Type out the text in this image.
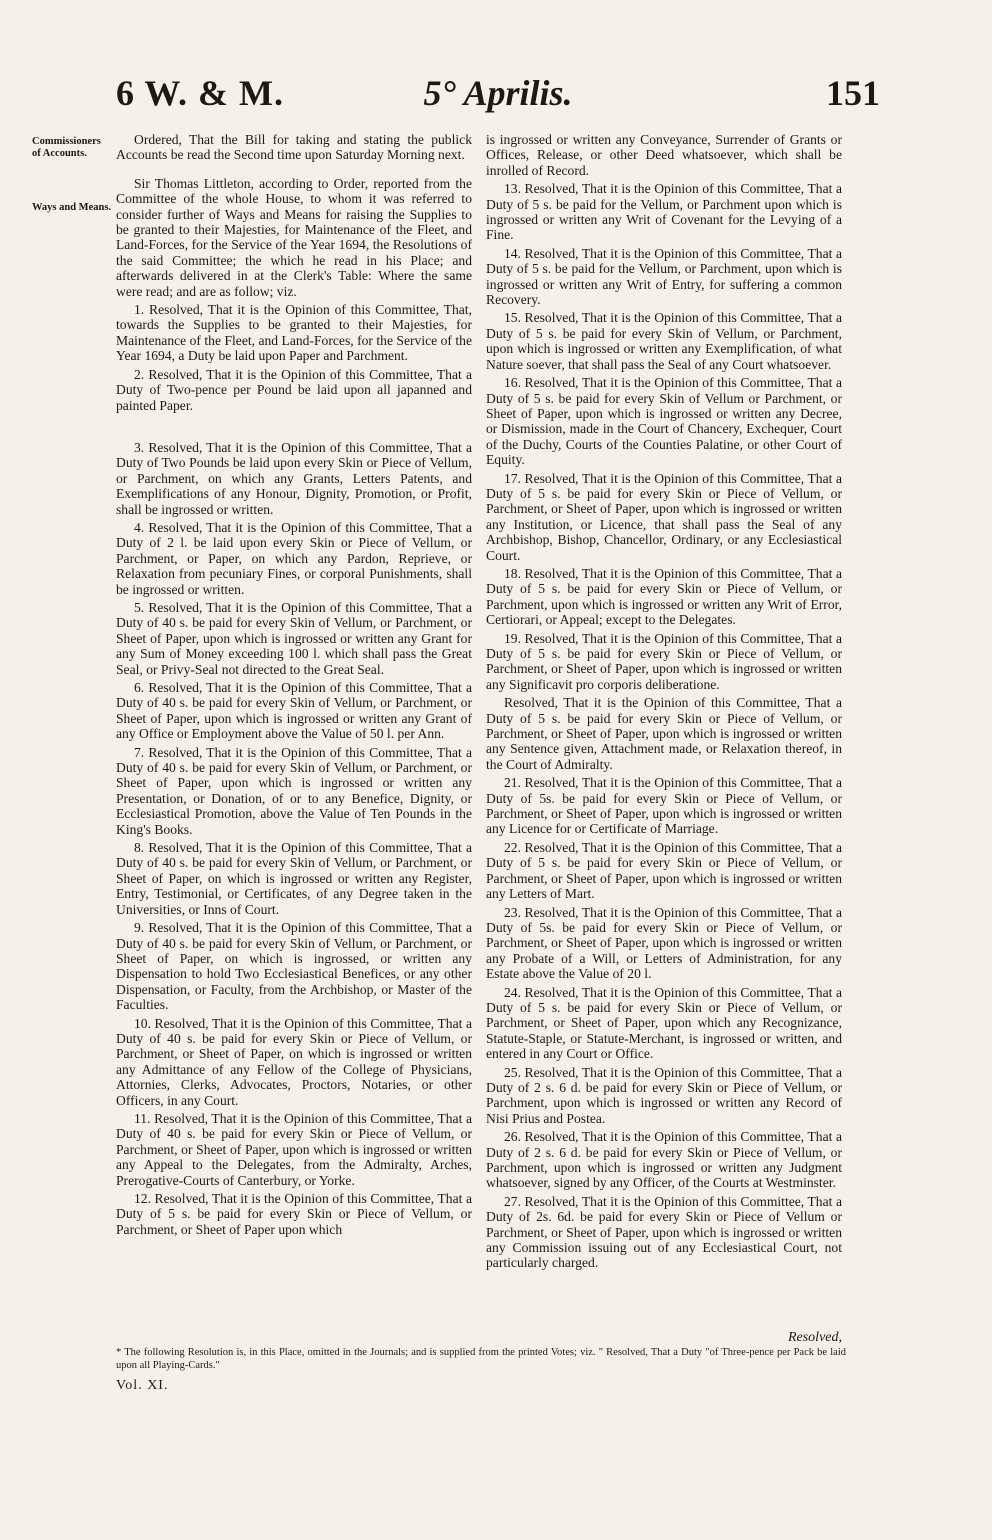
6 W. & M.	5° Aprilis.	151
Commissioners of Accounts.
Ways and Means.

Ordered, That the Bill for taking and stating the publick Accounts be read the Second time upon Saturday Morning next.

Sir Thomas Littleton, according to Order, reported from the Committee of the whole House, to whom it was referred to consider further of Ways and Means for raising the Supplies to be granted to their Majesties, for Maintenance of the Fleet, and Land-Forces, for the Service of the Year 1694, the Resolutions of the said Committee; the which he read in his Place; and afterwards delivered in at the Clerk's Table: Where the same were read; and are as follow; viz.

1. Resolved, That it is the Opinion of this Committee, That, towards the Supplies to be granted to their Majesties, for Maintenance of the Fleet, and Land-Forces, for the Service of the Year 1694, a Duty be laid upon Paper and Parchment.

2. Resolved, That it is the Opinion of this Committee, That a Duty of Two-pence per Pound be laid upon all japanned and painted Paper.

3. Resolved, That it is the Opinion of this Committee, That a Duty of Two Pounds be laid upon every Skin or Piece of Vellum, or Parchment, on which any Grants, Letters Patents, and Exemplifications of any Honour, Dignity, Promotion, or Profit, shall be ingrossed or written.

4. Resolved, That it is the Opinion of this Committee, That a Duty of 2 l. be laid upon every Skin or Piece of Vellum, or Parchment, or Paper, on which any Pardon, Reprieve, or Relaxation from pecuniary Fines, or corporal Punishments, shall be ingrossed or written.

5. Resolved, That it is the Opinion of this Committee, That a Duty of 40 s. be paid for every Skin of Vellum, or Parchment, or Sheet of Paper, upon which is ingrossed or written any Grant for any Sum of Money exceeding 100 l. which shall pass the Great Seal, or Privy-Seal not directed to the Great Seal.

6. Resolved, That it is the Opinion of this Committee, That a Duty of 40 s. be paid for every Skin of Vellum, or Parchment, or Sheet of Paper, upon which is ingrossed or written any Grant of any Office or Employment above the Value of 50 l. per Ann.

7. Resolved, That it is the Opinion of this Committee, That a Duty of 40 s. be paid for every Skin of Vellum, or Parchment, or Sheet of Paper, upon which is ingrossed or written any Presentation, or Donation, of or to any Benefice, Dignity, or Ecclesiastical Promotion, above the Value of Ten Pounds in the King's Books.

8. Resolved, That it is the Opinion of this Committee, That a Duty of 40 s. be paid for every Skin of Vellum, or Parchment, or Sheet of Paper, on which is ingrossed or written any Register, Entry, Testimonial, or Certificates, of any Degree taken in the Universities, or Inns of Court.

9. Resolved, That it is the Opinion of this Committee, That a Duty of 40 s. be paid for every Skin of Vellum, or Parchment, or Sheet of Paper, on which is ingrossed, or written any Dispensation to hold Two Ecclesiastical Benefices, or any other Dispensation, or Faculty, from the Archbishop, or Master of the Faculties.

10. Resolved, That it is the Opinion of this Committee, That a Duty of 40 s. be paid for every Skin or Piece of Vellum, or Parchment, or Sheet of Paper, on which is ingrossed or written any Admittance of any Fellow of the College of Physicians, Attornies, Clerks, Advocates, Proctors, Notaries, or other Officers, in any Court.

11. Resolved, That it is the Opinion of this Committee, That a Duty of 40 s. be paid for every Skin or Piece of Vellum, or Parchment, or Sheet of Paper, upon which is ingrossed or written any Appeal to the Delegates, from the Admiralty, Arches, Prerogative-Courts of Canterbury, or Yorke.

12. Resolved, That it is the Opinion of this Committee, That a Duty of 5 s. be paid for every Skin or Piece of Vellum, or Parchment, or Sheet of Paper upon which

is ingrossed or written any Conveyance, Surrender of Grants or Offices, Release, or other Deed whatsoever, which shall be inrolled of Record.

13. Resolved, That it is the Opinion of this Committee, That a Duty of 5 s. be paid for the Vellum, or Parchment upon which is ingrossed or written any Writ of Covenant for the Levying of a Fine.

14. Resolved, That it is the Opinion of this Committee, That a Duty of 5 s. be paid for the Vellum, or Parchment, upon which is ingrossed or written any Writ of Entry, for suffering a common Recovery.

15. Resolved, That it is the Opinion of this Committee, That a Duty of 5 s. be paid for every Skin of Vellum, or Parchment, upon which is ingrossed or written any Exemplification, of what Nature soever, that shall pass the Seal of any Court whatsoever.

16. Resolved, That it is the Opinion of this Committee, That a Duty of 5 s. be paid for every Skin of Vellum or Parchment, or Sheet of Paper, upon which is ingrossed or written any Decree, or Dismission, made in the Court of Chancery, Exchequer, Court of the Duchy, Courts of the Counties Palatine, or other Court of Equity.

17. Resolved, That it is the Opinion of this Committee, That a Duty of 5 s. be paid for every Skin or Piece of Vellum, or Parchment, or Sheet of Paper, upon which is ingrossed or written any Institution, or Licence, that shall pass the Seal of any Archbishop, Bishop, Chancellor, Ordinary, or any Ecclesiastical Court.

18. Resolved, That it is the Opinion of this Committee, That a Duty of 5 s. be paid for every Skin or Piece of Vellum, or Parchment, upon which is ingrossed or written any Writ of Error, Certiorari, or Appeal; except to the Delegates.

19. Resolved, That it is the Opinion of this Committee, That a Duty of 5 s. be paid for every Skin or Piece of Vellum, or Parchment, or Sheet of Paper, upon which is ingrossed or written any Significavit pro corporis deliberatione.

Resolved, That it is the Opinion of this Committee, That a Duty of 5 s. be paid for every Skin or Piece of Vellum, or Parchment, or Sheet of Paper, upon which is ingrossed or written any Sentence given, Attachment made, or Relaxation thereof, in the Court of Admiralty.

21. Resolved, That it is the Opinion of this Committee, That a Duty of 5s. be paid for every Skin or Piece of Vellum, or Parchment, or Sheet of Paper, upon which is ingrossed or written any Licence for or Certificate of Marriage.

22. Resolved, That it is the Opinion of this Committee, That a Duty of 5 s. be paid for every Skin or Piece of Vellum, or Parchment, or Sheet of Paper, upon which is ingrossed or written any Letters of Mart.

23. Resolved, That it is the Opinion of this Committee, That a Duty of 5s. be paid for every Skin or Piece of Vellum, or Parchment, or Sheet of Paper, upon which is ingrossed or written any Probate of a Will, or Letters of Administration, for any Estate above the Value of 20 l.

24. Resolved, That it is the Opinion of this Committee, That a Duty of 5 s. be paid for every Skin or Piece of Vellum, or Parchment, or Sheet of Paper, upon which any Recognizance, Statute-Staple, or Statute-Merchant, is ingrossed or written, and entered in any Court or Office.

25. Resolved, That it is the Opinion of this Committee, That a Duty of 2 s. 6 d. be paid for every Skin or Piece of Vellum, or Parchment, upon which is ingrossed or written any Record of Nisi Prius and Postea.

26. Resolved, That it is the Opinion of this Committee, That a Duty of 2 s. 6 d. be paid for every Skin or Piece of Vellum, or Parchment, upon which is ingrossed or written any Judgment whatsoever, signed by any Officer, of the Courts at Westminster.

27. Resolved, That it is the Opinion of this Committee, That a Duty of 2s. 6d. be paid for every Skin or Piece of Vellum or Parchment, or Sheet of Paper, upon which is ingrossed or written any Commission issuing out of any Ecclesiastical Court, not particularly charged.

Resolved,
* The following Resolution is, in this Place, omitted in the Journals; and is supplied from the printed Votes; viz. " Resolved, That a Duty "of Three-pence per Pack be laid upon all Playing-Cards."
Vol. XI.
